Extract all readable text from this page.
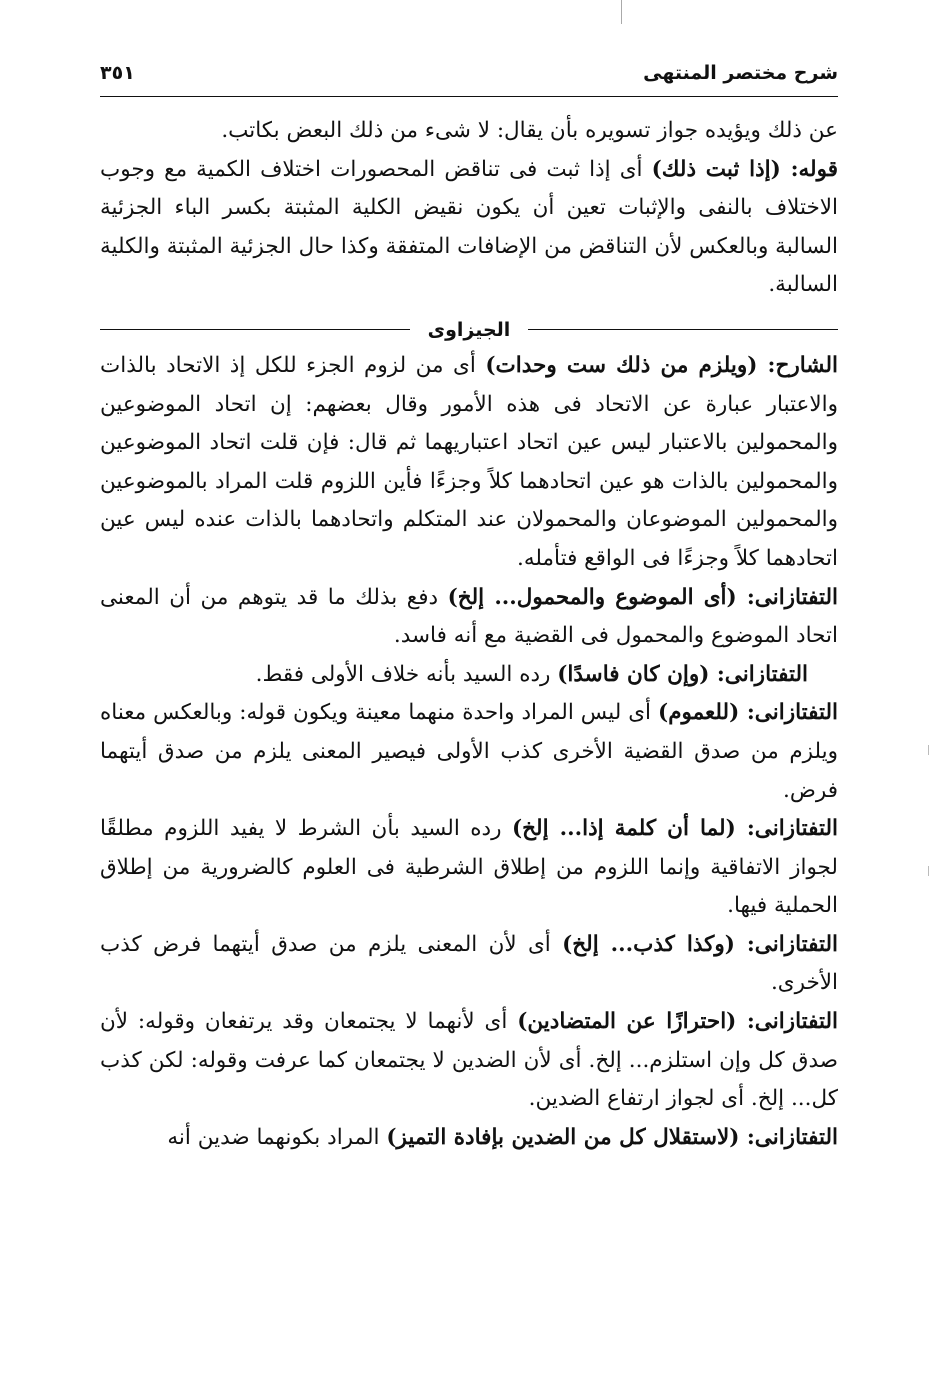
شرح مختصر المنتهى
٣٥١

عن ذلك ويؤيده جواز تسويره بأن يقال: لا شىء من ذلك البعض بكاتب.

قوله: (إذا ثبت ذلك) أى إذا ثبت فى تناقض المحصورات اختلاف الكمية مع وجوب الاختلاف بالنفى والإثبات تعين أن يكون نقيض الكلية المثبتة بكسر الباء الجزئية السالبة وبالعكس لأن التناقض من الإضافات المتفقة وكذا حال الجزئية المثبتة والكلية السالبة.

الجيزاوى

الشارح: (ويلزم من ذلك ست وحدات) أى من لزوم الجزء للكل إذ الاتحاد بالذات والاعتبار عبارة عن الاتحاد فى هذه الأمور وقال بعضهم: إن اتحاد الموضوعين والمحمولين بالاعتبار ليس عين اتحاد اعتباريهما ثم قال: فإن قلت اتحاد الموضوعين والمحمولين بالذات هو عين اتحادهما كلاً وجزءًا فأين اللزوم قلت المراد بالموضوعين والمحمولين الموضوعان والمحمولان عند المتكلم واتحادهما بالذات عنده ليس عين اتحادهما كلاً وجزءًا فى الواقع فتأمله.

التفتازانى: (أى الموضوع والمحمول... إلخ) دفع بذلك ما قد يتوهم من أن المعنى اتحاد الموضوع والمحمول فى القضية مع أنه فاسد.

التفتازانى: (وإن كان فاسدًا) رده السيد بأنه خلاف الأولى فقط.

التفتازانى: (للعموم) أى ليس المراد واحدة منهما معينة ويكون قوله: وبالعكس معناه ويلزم من صدق القضية الأخرى كذب الأولى فيصير المعنى يلزم من صدق أيتهما فرض.

التفتازانى: (لما أن كلمة إذا... إلخ) رده السيد بأن الشرط لا يفيد اللزوم مطلقًا لجواز الاتفاقية وإنما اللزوم من إطلاق الشرطية فى العلوم كالضرورية من إطلاق الحملية فيها.

التفتازانى: (وكذا كذب... إلخ) أى لأن المعنى يلزم من صدق أيتهما فرض كذب الأخرى.

التفتازانى: (احترازًا عن المتضادين) أى لأنهما لا يجتمعان وقد يرتفعان وقوله: لأن صدق كل وإن استلزم... إلخ. أى لأن الضدين لا يجتمعان كما عرفت وقوله: لكن كذب كل... إلخ. أى لجواز ارتفاع الضدين.

التفتازانى: (لاستقلال كل من الضدين بإفادة التميز) المراد بكونهما ضدين أنه
